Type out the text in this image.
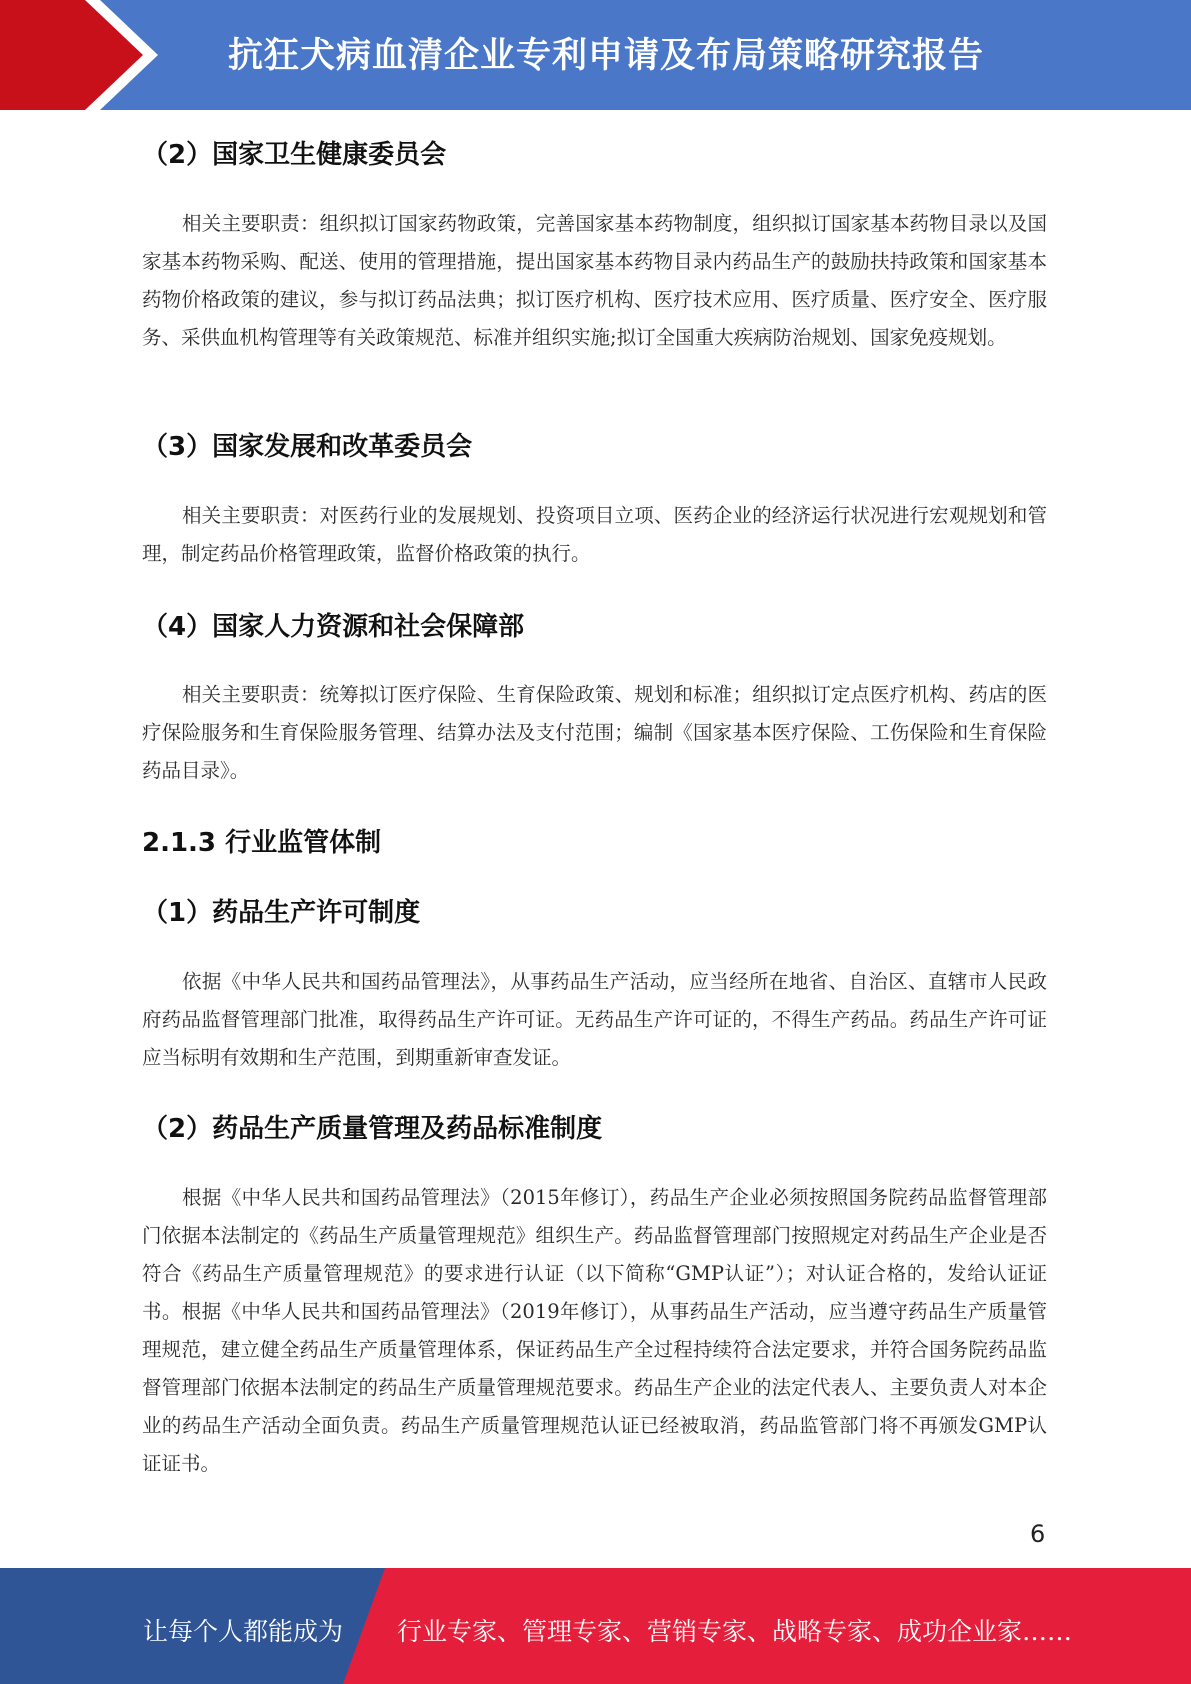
抗狂犬病血清企业专利申请及布局策略研究报告
（2）国家卫生健康委员会
相关主要职责：组织拟订国家药物政策，完善国家基本药物制度，组织拟订国家基本药物目录以及国家基本药物采购、配送、使用的管理措施，提出国家基本药物目录内药品生产的鼓励扶持政策和国家基本药物价格政策的建议，参与拟订药品法典；拟订医疗机构、医疗技术应用、医疗质量、医疗安全、医疗服务、采供血机构管理等有关政策规范、标准并组织实施;拟订全国重大疾病防治规划、国家免疫规划。
（3）国家发展和改革委员会
相关主要职责：对医药行业的发展规划、投资项目立项、医药企业的经济运行状况进行宏观规划和管理，制定药品价格管理政策，监督价格政策的执行。
（4）国家人力资源和社会保障部
相关主要职责：统筹拟订医疗保险、生育保险政策、规划和标准；组织拟订定点医疗机构、药店的医疗保险服务和生育保险服务管理、结算办法及支付范围；编制《国家基本医疗保险、工伤保险和生育保险药品目录》。
2.1.3 行业监管体制
（1）药品生产许可制度
依据《中华人民共和国药品管理法》，从事药品生产活动，应当经所在地省、自治区、直辖市人民政府药品监督管理部门批准，取得药品生产许可证。无药品生产许可证的，不得生产药品。药品生产许可证应当标明有效期和生产范围，到期重新审查发证。
（2）药品生产质量管理及药品标准制度
根据《中华人民共和国药品管理法》（2015年修订），药品生产企业必须按照国务院药品监督管理部门依据本法制定的《药品生产质量管理规范》组织生产。药品监督管理部门按照规定对药品生产企业是否符合《药品生产质量管理规范》的要求进行认证（以下简称“GMP认证”）；对认证合格的，发给认证证书。根据《中华人民共和国药品管理法》（2019年修订），从事药品生产活动，应当遵守药品生产质量管理规范，建立健全药品生产质量管理体系，保证药品生产全过程持续符合法定要求，并符合国务院药品监督管理部门依据本法制定的药品生产质量管理规范要求。药品生产企业的法定代表人、主要负责人对本企业的药品生产活动全面负责。药品生产质量管理规范认证已经被取消，药品监管部门将不再颁发GMP认证证书。
6
让每个人都能成为 行业专家、管理专家、营销专家、战略专家、成功企业家……
